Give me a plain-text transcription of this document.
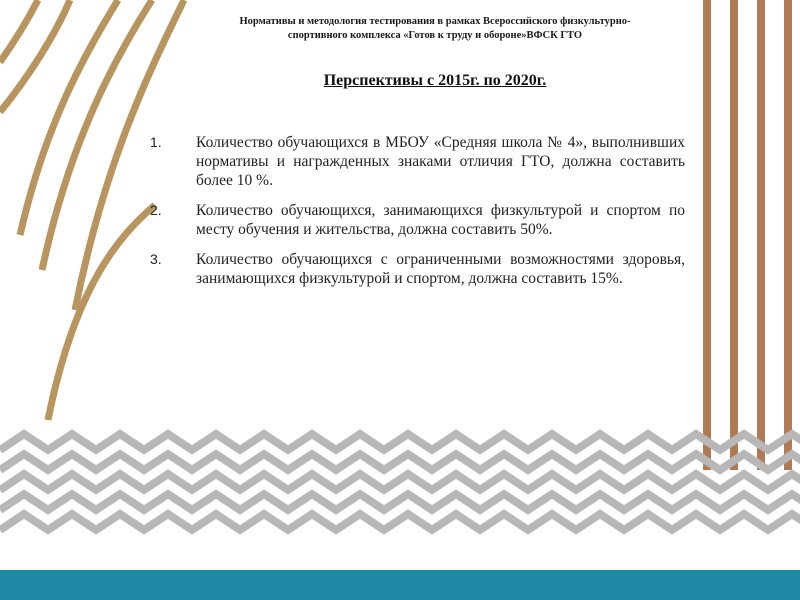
Нормативы и методология тестирования в рамках Всероссийского физкультурно-
спортивного комплекса «Готов к труду и обороне»ВФСК ГТО
Перспективы с 2015г. по 2020г.
1. Количество обучающихся в МБОУ «Средняя школа № 4», выполнивших нормативы и награжденных знаками отличия ГТО, должна составить более 10 %.
2. Количество обучающихся, занимающихся физкультурой и спортом по месту обучения и жительства, должна составить 50%.
3. Количество обучающихся с ограниченными возможностями здоровья, занимающихся физкультурой и спортом, должна составить 15%.
